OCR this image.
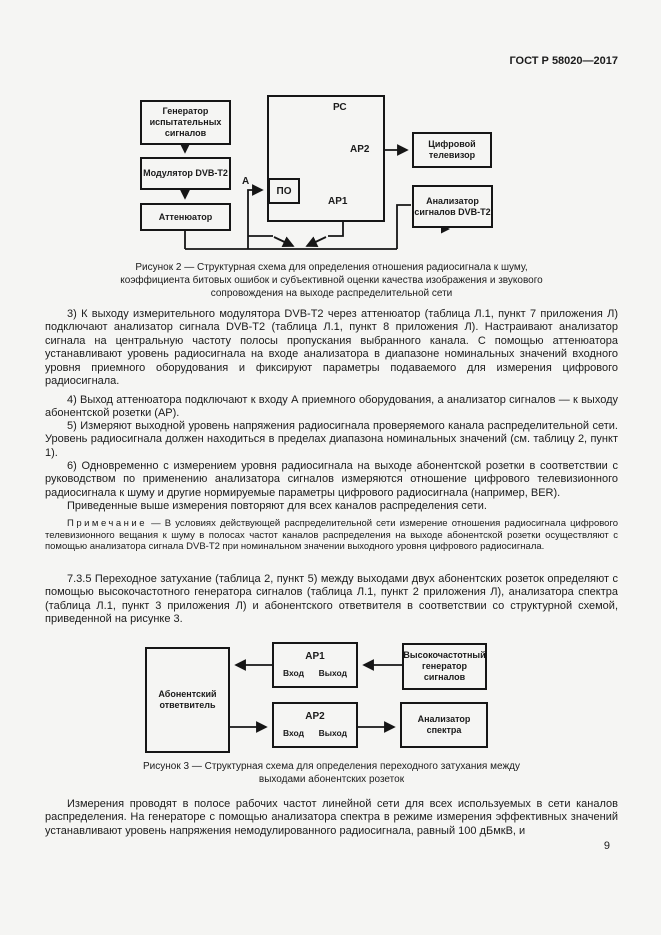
ГОСТ Р 58020—2017
Генератор испытательных сигналов
Модулятор DVB-T2
Аттенюатор
РС
АР2
АР1
ПО
А
Цифровой телевизор
Анализатор сигналов DVB-T2
Рисунок 2 — Структурная схема для определения отношения радиосигнала к шуму, коэффициента битовых ошибок и субъективной оценки качества изображения и звукового сопровождения на выходе распределительной сети

3) К выходу измерительного модулятора DVB-T2 через аттенюатор (таблица Л.1, пункт 7 приложения Л) подключают анализатор сигнала DVB-T2 (таблица Л.1, пункт 8 приложения Л). Настраивают анализатор сигнала на центральную частоту полосы пропускания выбранного канала. С помощью аттенюатора устанавливают уровень радиосигнала на входе анализатора в диапазоне номинальных значений входного уровня приемного оборудования и фиксируют параметры подаваемого для измерения цифрового радиосигнала.

4) Выход аттенюатора подключают к входу А приемного оборудования, а анализатор сигналов — к выходу абонентской розетки (АР).

5) Измеряют выходной уровень напряжения радиосигнала проверяемого канала распределительной сети. Уровень радиосигнала должен находиться в пределах диапазона номинальных значений (см. таблицу 2, пункт 1).

6) Одновременно с измерением уровня радиосигнала на выходе абонентской розетки в соответствии с руководством по применению анализатора сигналов измеряются отношение цифрового телевизионного радиосигнала к шуму и другие нормируемые параметры цифрового радиосигнала (например, BER).

Приведенные выше измерения повторяют для всех каналов распределения сети.

Примечание — В условиях действующей распределительной сети измерение отношения радиосигнала цифрового телевизионного вещания к шуму в полосах частот каналов распределения на выходе абонентской розетки осуществляют с помощью анализатора сигнала DVB-T2 при номинальном значении выходного уровня цифрового радиосигнала.

7.3.5 Переходное затухание (таблица 2, пункт 5) между выходами двух абонентских розеток определяют с помощью высокочастотного генератора сигналов (таблица Л.1, пункт 2 приложения Л), анализатора спектра (таблица Л.1, пункт 3 приложения Л) и абонентского ответвителя в соответствии со структурной схемой, приведенной на рисунке 3.

Абонентский ответвитель
АР1
Вход Выход
АР2
Вход Выход
Высокочастотный генератор сигналов
Анализатор спектра
Рисунок 3 — Структурная схема для определения переходного затухания между выходами абонентских розеток

Измерения проводят в полосе рабочих частот линейной сети для всех используемых в сети каналов распределения. На генераторе с помощью анализатора спектра в режиме измерения эффективных значений устанавливают уровень напряжения немодулированного радиосигнала, равный 100 дБмкВ, и

9
